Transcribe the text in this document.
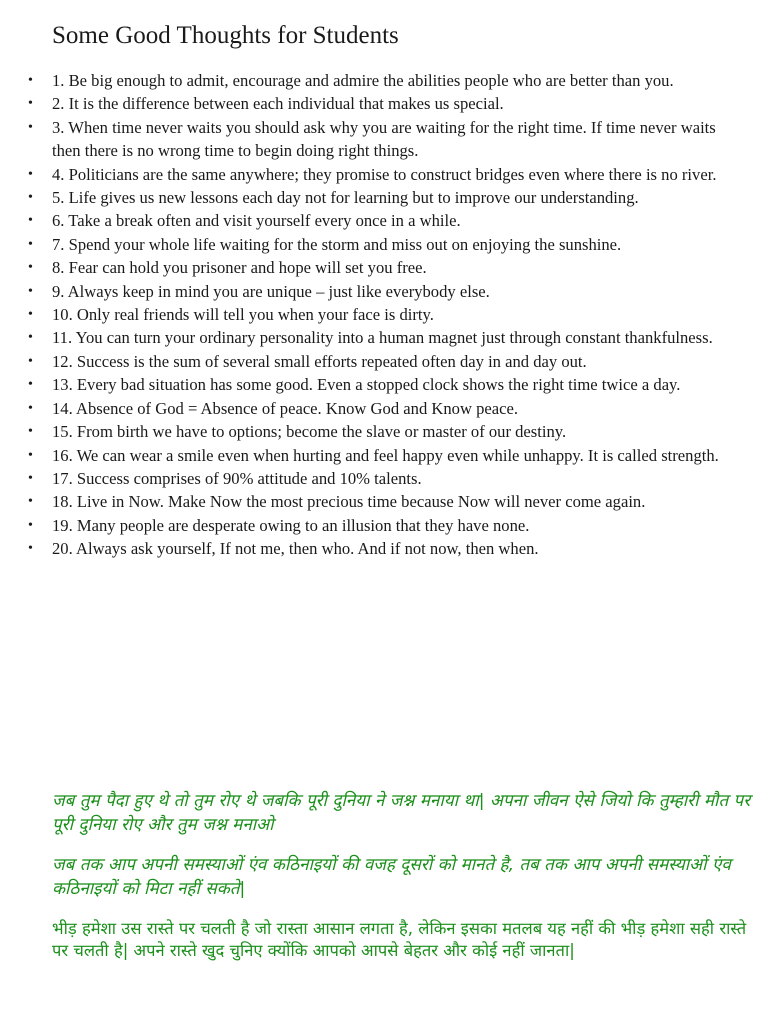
Some Good Thoughts for Students
•	1. Be big enough to admit, encourage and admire the abilities people who are better than you.
•	2. It is the difference between each individual that makes us special.
•	3. When time never waits you should ask why you are waiting for the right time. If time never waits then there is no wrong time to begin doing right things.
•	4. Politicians are the same anywhere; they promise to construct bridges even where there is no river.
•	5. Life gives us new lessons each day not for learning but to improve our understanding.
•	6. Take a break often and visit yourself every once in a while.
•	7. Spend your whole life waiting for the storm and miss out on enjoying the sunshine.
•	8. Fear can hold you prisoner and hope will set you free.
•	9. Always keep in mind you are unique – just like everybody else.
•	10. Only real friends will tell you when your face is dirty.
•	11. You can turn your ordinary personality into a human magnet just through constant thankfulness.
•	12. Success is the sum of several small efforts repeated often day in and day out.
•	13. Every bad situation has some good. Even a stopped clock shows the right time twice a day.
•	14. Absence of God = Absence of peace. Know God and Know peace.
•	15. From birth we have to options; become the slave or master of our destiny.
•	16. We can wear a smile even when hurting and feel happy even while unhappy. It is called strength.
•	17. Success comprises of 90% attitude and 10% talents.
•	18. Live in Now. Make Now the most precious time because Now will never come again.
•	19. Many people are desperate owing to an illusion that they have none.
•	20. Always ask yourself, If not me, then who. And if not now, then when.

जब तुम पैदा हुए थे तो तुम रोए थे जबकि पूरी दुनिया ने जश्न मनाया था| अपना जीवन ऐसे जियो कि तुम्हारी मौत पर पूरी दुनिया रोए और तुम जश्न मनाओ

जब तक आप अपनी समस्याओं एंव कठिनाइयों की वजह दूसरों को मानते है, तब तक आप अपनी समस्याओं एंव कठिनाइयों को मिटा नहीं सकते|

भीड़ हमेशा उस रास्ते पर चलती है जो रास्ता आसान लगता है, लेकिन इसका मतलब यह नहीं की भीड़ हमेशा सही रास्ते पर चलती है| अपने रास्ते खुद चुनिए क्योंकि आपको आपसे बेहतर और कोई नहीं जानता|
